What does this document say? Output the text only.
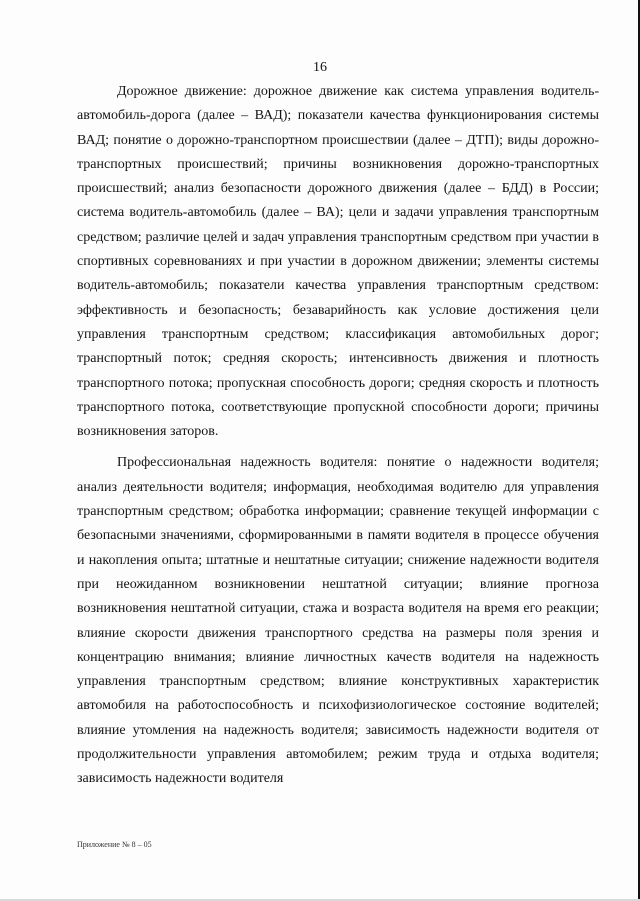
16

Дорожное движение: дорожное движение как система управления водитель-автомобиль-дорога (далее – ВАД); показатели качества функционирования системы ВАД; понятие о дорожно-транспортном происшествии (далее – ДТП); виды дорожно-транспортных происшествий; причины возникновения дорожно-транспортных происшествий; анализ безопасности дорожного движения (далее – БДД) в России; система водитель-автомобиль (далее – ВА); цели и задачи управления транспортным средством; различие целей и задач управления транспортным средством при участии в спортивных соревнованиях и при участии в дорожном движении; элементы системы водитель-автомобиль; показатели качества управления транспортным средством: эффективность и безопасность; безаварийность как условие достижения цели управления транспортным средством; классификация автомобильных дорог; транспортный поток; средняя скорость; интенсивность движения и плотность транспортного потока; пропускная способность дороги; средняя скорость и плотность транспортного потока, соответствующие пропускной способности дороги; причины возникновения заторов.

Профессиональная надежность водителя: понятие о надежности водителя; анализ деятельности водителя; информация, необходимая водителю для управления транспортным средством; обработка информации; сравнение текущей информации с безопасными значениями, сформированными в памяти водителя в процессе обучения и накопления опыта; штатные и нештатные ситуации; снижение надежности водителя при неожиданном возникновении нештатной ситуации; влияние прогноза возникновения нештатной ситуации, стажа и возраста водителя на время его реакции; влияние скорости движения транспортного средства на размеры поля зрения и концентрацию внимания; влияние личностных качеств водителя на надежность управления транспортным средством; влияние конструктивных характеристик автомобиля на работоспособность и психофизиологическое состояние водителей; влияние утомления на надежность водителя; зависимость надежности водителя от продолжительности управления автомобилем; режим труда и отдыха водителя; зависимость надежности водителя

Приложение № 8 – 05
